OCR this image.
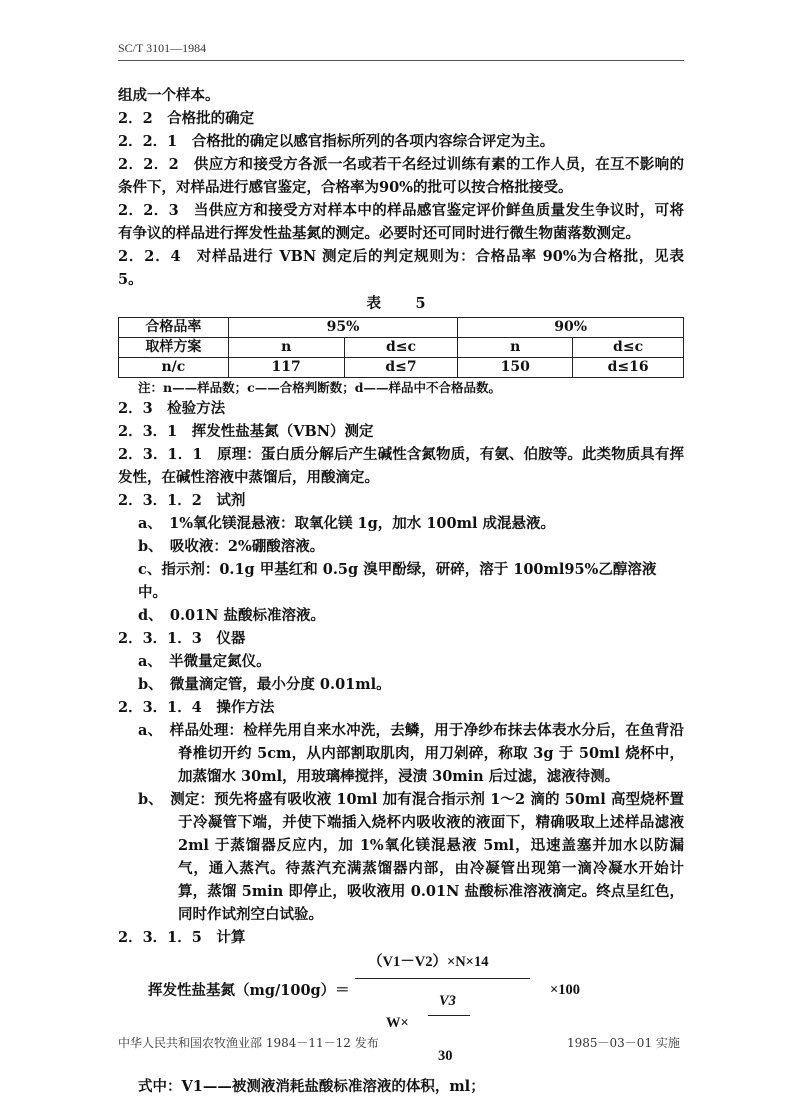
SC/T 3101—1984

组成一个样本。

2．2　合格批的确定

2．2．1　合格批的确定以感官指标所列的各项内容综合评定为主。

2．2．2　供应方和接受方各派一名或若干名经过训练有素的工作人员，在互不影响的条件下，对样品进行感官鉴定，合格率为90%的批可以按合格批接受。

2．2．3　当供应方和接受方对样本中的样品感官鉴定评价鲜鱼质量发生争议时，可将有争议的样品进行挥发性盐基氮的测定。必要时还可同时进行微生物菌落数测定。

2．2．4　对样品进行 VBN 测定后的判定规则为：合格品率 90%为合格批，见表 5。

表　5

合格品率	95%		90%	
取样方案	n	d≤c	n	d≤c
n/c	117	d≤7	150	d≤16

注：n——样品数；c——合格判断数；d——样品中不合格品数。

2．3　检验方法

2．3．1　挥发性盐基氮（VBN）测定

2．3．1．1　原理：蛋白质分解后产生碱性含氮物质，有氨、伯胺等。此类物质具有挥发性，在碱性溶液中蒸馏后，用酸滴定。

2．3．1．2　试剂

a、　1%氧化镁混悬液：取氧化镁 1g，加水 100ml 成混悬液。

b、　吸收液：2%硼酸溶液。

c、指示剂：0.1g 甲基红和 0.5g 溴甲酚绿，研碎，溶于 100ml95%乙醇溶液中。

d、　0.01N 盐酸标准溶液。

2．3．1．3　仪器

a、　半微量定氮仪。

b、　微量滴定管，最小分度 0.01ml。

2．3．1．4　操作方法

a、　样品处理：检样先用自来水冲洗，去鳞，用于净纱布抹去体表水分后，在鱼背沿脊椎切开约 5cm，从内部割取肌肉，用刀剁碎，称取 3g 于 50ml 烧杯中，加蒸馏水 30ml，用玻璃棒搅拌，浸渍 30min 后过滤，滤液待测。

b、　测定：预先将盛有吸收液 10ml 加有混合指示剂 1～2 滴的 50ml 高型烧杯置于冷凝管下端，并使下端插入烧杯内吸收液的液面下，精确吸取上述样品滤液 2ml 于蒸馏器反应内，加 1%氧化镁混悬液 5ml，迅速盖塞并加水以防漏气，通入蒸汽。待蒸汽充满蒸馏器内部，由冷凝管出现第一滴冷凝水开始计算，蒸馏 5min 即停止，吸收液用 0.01N 盐酸标准溶液滴定。终点呈红色，同时作试剂空白试验。

2．3．1．5　计算

挥发性盐基氮（mg/100g）＝
（V1－V2）×N×14
×100
W×
V3
30

式中：V1——被测液消耗盐酸标准溶液的体积，ml；

中华人民共和国农牧渔业部 1984－11－12 发布	1985－03－01 实施
